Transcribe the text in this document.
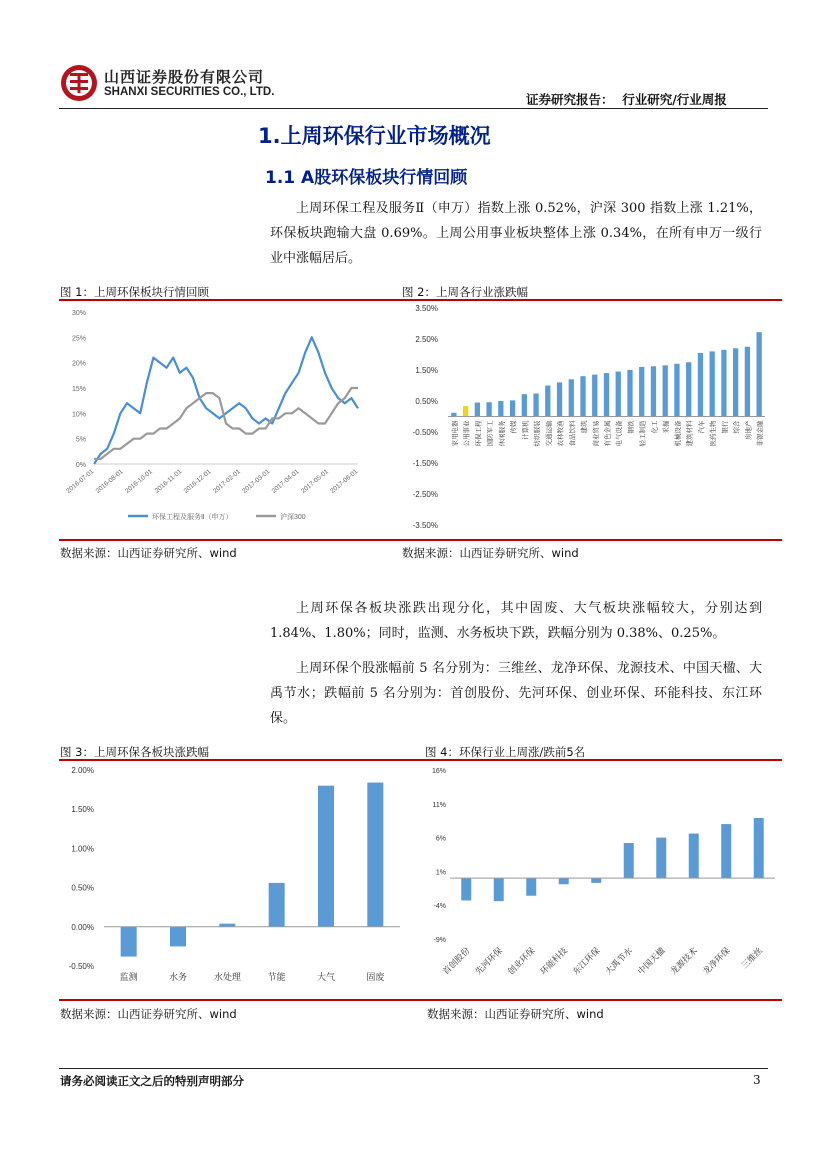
山西证券股份有限公司
SHANXI SECURITIES CO., LTD.	证券研究报告：  行业研究/行业周报
1.上周环保行业市场概况
1.1 A股环保板块行情回顾

上周环保工程及服务Ⅱ（申万）指数上涨 0.52%，沪深 300 指数上涨 1.21%，环保板块跑输大盘 0.69%。上周公用事业板块整体上涨 0.34%，在所有申万一级行业中涨幅居后。

图 1：上周环保板块行情回顾	图 2：上周各行业涨跌幅
30%
25%
20%
15%
10%
5%
0%
2016-07-01 2016-08-01 2016-10-01 2016-11-01 2016-12-01 2017-02-01 2017-03-01 2017-04-01 2017-05-01 2017-06-01
环保工程及服务Ⅱ（申万）	沪深300
3.50%
2.50%
1.50%
0.50%
-0.50%
-1.50%
-2.50%
-3.50%
家用电器 公用事业 环保工程 国防军工 休闲服务 传媒 计算机 纺织服装 交通运输 农林牧渔 食品饮料 建筑 商业贸易 有色金属 电气设备 钢铁 轻工制造 化工 采掘 机械设备 建筑材料 汽车 医药生物 银行 综合 房地产 非银金融
数据来源：山西证券研究所、wind	数据来源：山西证券研究所、wind

上周环保各板块涨跌出现分化，其中固废、大气板块涨幅较大，分别达到 1.84%、1.80%；同时，监测、水务板块下跌，跌幅分别为 0.38%、0.25%。

上周环保个股涨幅前 5 名分别为：三维丝、龙净环保、龙源技术、中国天楹、大禹节水；跌幅前 5 名分别为：首创股份、先河环保、创业环保、环能科技、东江环保。

图 3：上周环保各板块涨跌幅	图 4：环保行业上周涨/跌前5名
2.00%
1.50%
1.00%
0.50%
0.00%
-0.50%
监测	水务	水处理	节能	大气	固废
16%
11%
6%
1%
-4%
-9%
首创股份 先河环保 创业环保 环能科技 东江环保 大禹节水 中国天楹 龙源技术 龙净环保 三维丝
数据来源：山西证券研究所、wind	数据来源：山西证券研究所、wind
请务必阅读正文之后的特别声明部分	3
